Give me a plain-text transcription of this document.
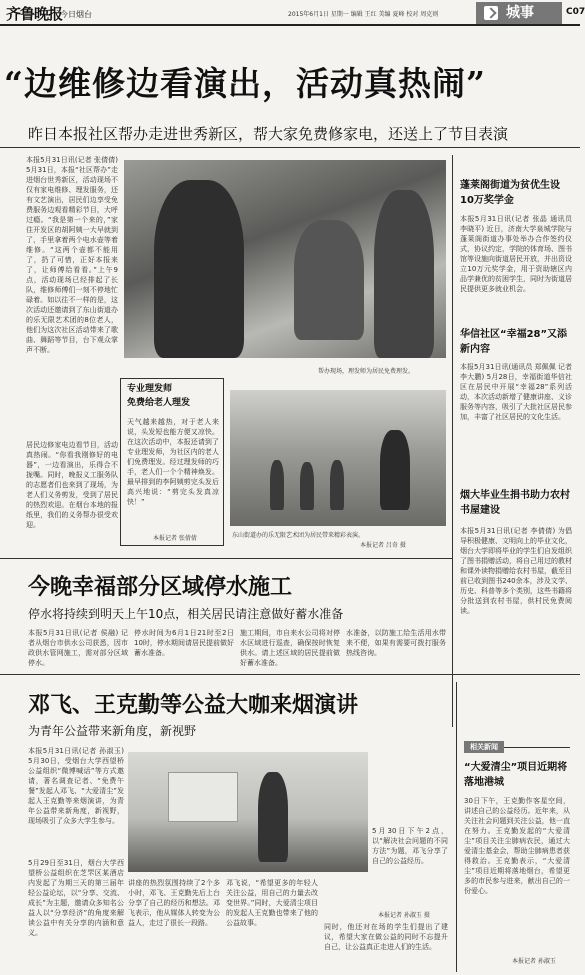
齐鲁晚报
今日烟台	2015年6月1日 星期一 编辑 王红 美编 夏峰 校对 周克则	城事	C07
“边维修边看演出，活动真热闹”
昨日本报社区帮办走进世秀新区，帮大家免费修家电，还送上了节目表演
本报5月31日讯(记者 张倩倩) 5月31日，本报“社区帮办”走进烟台世秀新区，活动现场不仅有家电维修、理发服务，还有文艺演出，居民们边享受免费服务边观看精彩节目，大呼过瘾。“我是第一个来的，”家住开发区的胡阿姨一大早就到了，手里拿着两个电水壶等着维修。“这两个壶都不能用了，扔了可惜，正好本报来了，让师傅给看看。”上午9点，活动现场已经排起了长队，维修师傅们一刻不停地忙碌着。如以往不一样的是，这次活动还邀请到了东山街道办的乐无限艺术团的8位老人，他们为这次社区活动带来了歌曲、舞蹈等节目，台下观众掌声不断。
居民边修家电边看节目，活动真热闹。“你看我刚修好的电器”，一边看演出，乐得合不拢嘴。同时，晚报义工服务队的志愿者们也来到了现场，为老人们义务剪发，受到了居民的热烈欢迎。在烟台本地的报纸里，我们的义务帮办很受欢迎。
帮办现场，理发师为居民免费理发。
专业理发师
免费给老人理发
天气越来越热，对于老人来说，头发短也能方便又凉快。在这次活动中，本报还请到了专业理发师，为社区内的老人们免费理发。经过理发师的巧手，老人们一个个精神焕发。最早排到的李阿姨剪完头发后高兴地说：“剪完头发真凉快！”
本报记者 张倩倩	东山街道办的乐无限艺术团为居民带来精彩表演。
本报记者 吕奇 摄
蓬莱阁街道为贫优生设10万奖学金
本报5月31日讯(记者 张晶 通讯员 李晓平) 近日，济南大学泉城学院与蓬莱阁街道办事处举办合作签约仪式，协议约定，学院的体育场、图书馆等设施向街道居民开放，并出资设立10万元奖学金，用于资助辖区内品学兼优的贫困学生，同时为街道居民提供更多就业机会。
华信社区“幸福28”又添新内容
本报5月31日讯(通讯员 郑佩佩 记者 李大鹏) 5月28日，幸福街道华信社区在居民中开展“幸福28”系列活动，本次活动新增了健康讲座、义诊服务等内容，吸引了大批社区居民参加，丰富了社区居民的文化生活。
烟大毕业生捐书助力农村书屋建设
本报5月31日讯(记者 李倩倩) 为倡导积极健康、文明向上的毕业文化，烟台大学即将毕业的学生们自发组织了图书捐赠活动，将自己用过的教材和课外读物捐赠给农村书屋，截至目前已收到图书240余本，涉及文学、历史、科普等多个类别，这些书籍将分批送到农村书屋，供村民免费阅读。
今晚幸福部分区域停水施工
停水将持续到明天上午10点，相关居民请注意做好蓄水准备
本报5月31日讯(记者 侯融) 记者从烟台市供水公司获悉，因市政供水管网施工，需对部分区域停水。
停水时间为6月1日21时至2日10时，停水期间请居民提前做好蓄水准备。
施工期间，市自来水公司将对停水区域进行巡查，确保按时恢复供水。请上述区域的居民提前做好蓄水准备。
水准备，以防施工给生活用水带来不便，如果有需要可拨打服务热线咨询。
邓飞、王克勤等公益大咖来烟演讲
为青年公益带来新角度，新视野
本报5月31日讯(记者 孙淑玉) 5月30日，受烟台大学西望桥公益组织“微博喊话”等方式邀请，著名调查记者、“免费午餐”发起人邓飞、“大爱清尘”发起人王克勤等来烟演讲，为青年公益带来新角度，新视野，现场吸引了众多大学生参与。
5月29日至31日，烟台大学西望桥公益组织在芝罘区某酒店内发起了为期三天的第三届年轻公益论坛，以“分享、交流、成长”为主题，邀请众多知名公益人以“分享经济”的角度来解读公益中有关分享的内涵和意义。
5月30日下午2点，以“解决社会问题的不同方法”为题，邓飞分享了自己的公益经历。
本报记者 孙淑玉 摄
讲座的热烈氛围持续了2个多小时，邓飞、王克勤先后上台分享了自己的经历和想法。邓飞表示，他从媒体人转变为公益人，走过了很长一段路。
邓飞说，“希望更多的年轻人关注公益，用自己的力量去改变世界。”同时，大爱清尘项目的发起人王克勤也带来了他的公益故事。	同时，他还对在场的学生们提出了建议，希望大家在做公益的同时不忘提升自己，让公益真正走进人们的生活。
相关新闻
“大爱清尘”项目近期将落地港城
30日下午，王克勤作客星空间，讲述自己的公益经历。近年来，从关注社会问题到关注公益，他一直在努力。王克勤发起的“大爱清尘”项目关注尘肺病农民，通过大爱清尘基金会，帮助尘肺病患者获得救治。王克勤表示，“大爱清尘”项目近期将落地烟台，希望更多的市民参与进来，献出自己的一份爱心。
本报记者 孙淑玉
